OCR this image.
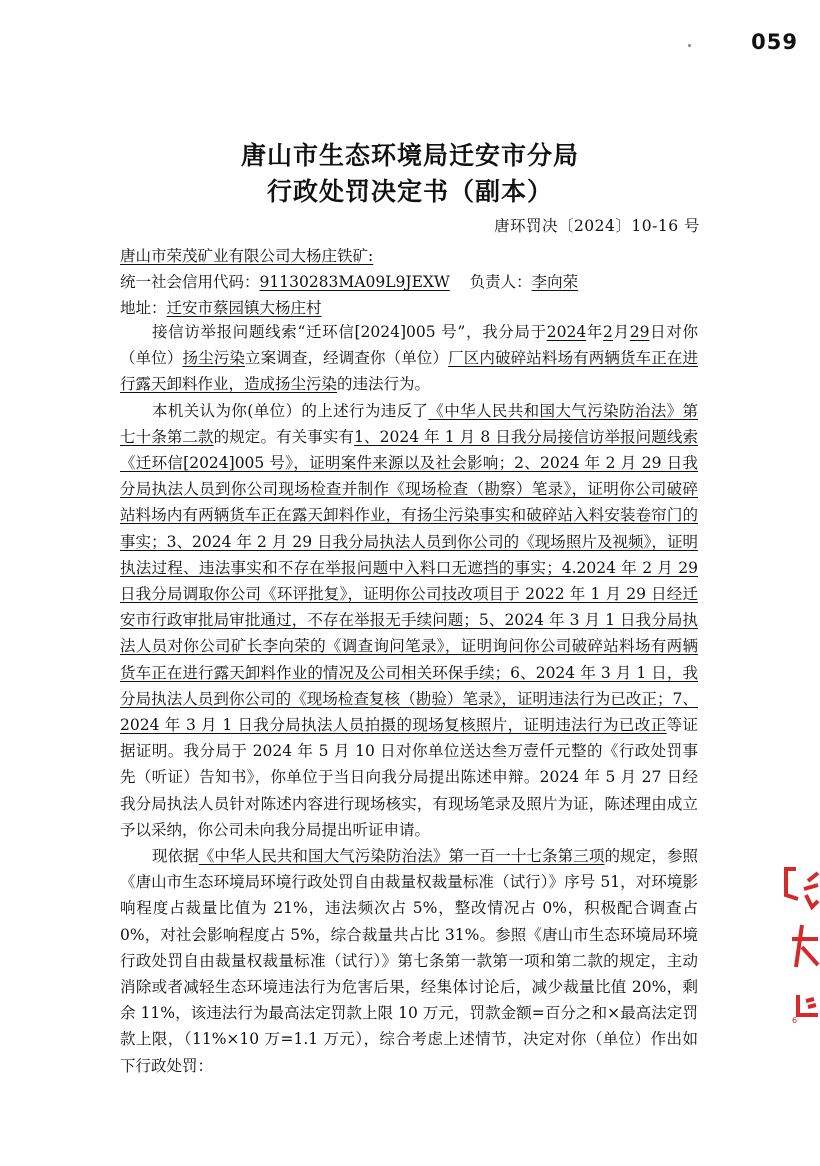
059
唐山市生态环境局迁安市分局
行政处罚决定书（副本）
唐环罚决〔2024〕10-16 号
唐山市荣茂矿业有限公司大杨庄铁矿:
统一社会信用代码：91130283MA09L9JEXW 负责人：李向荣
地址：迁安市蔡园镇大杨庄村

接信访举报问题线索“迁环信[2024]005 号”，我分局于2024年2月29日对你（单位）扬尘污染立案调查，经调查你（单位）厂区内破碎站料场有两辆货车正在进行露天卸料作业，造成扬尘污染的违法行为。

本机关认为你(单位）的上述行为违反了《中华人民共和国大气污染防治法》第七十条第二款的规定。有关事实有1、2024 年 1 月 8 日我分局接信访举报问题线索《迁环信[2024]005 号》，证明案件来源以及社会影响；2、2024 年 2 月 29 日我分局执法人员到你公司现场检查并制作《现场检查（勘察）笔录》，证明你公司破碎站料场内有两辆货车正在露天卸料作业，有扬尘污染事实和破碎站入料安装卷帘门的事实；3、2024 年 2 月 29 日我分局执法人员到你公司的《现场照片及视频》，证明执法过程、违法事实和不存在举报问题中入料口无遮挡的事实；4.2024 年 2 月 29 日我分局调取你公司《环评批复》，证明你公司技改项目于 2022 年 1 月 29 日经迁安市行政审批局审批通过，不存在举报无手续问题；5、2024 年 3 月 1 日我分局执法人员对你公司矿长李向荣的《调查询问笔录》，证明询问你公司破碎站料场有两辆货车正在进行露天卸料作业的情况及公司相关环保手续；6、2024 年 3 月 1 日，我分局执法人员到你公司的《现场检查复核（勘验）笔录》，证明违法行为已改正；7、2024 年 3 月 1 日我分局执法人员拍摄的现场复核照片，证明违法行为已改正等证据证明。我分局于 2024 年 5 月 10 日对你单位送达叁万壹仟元整的《行政处罚事先（听证）告知书》，你单位于当日向我分局提出陈述申辩。2024 年 5 月 27 日经我分局执法人员针对陈述内容进行现场核实，有现场笔录及照片为证，陈述理由成立予以采纳，你公司未向我分局提出听证申请。

现依据《中华人民共和国大气污染防治法》第一百一十七条第三项的规定，参照《唐山市生态环境局环境行政处罚自由裁量权裁量标准（试行）》序号 51，对环境影响程度占裁量比值为 21%，违法频次占 5%，整改情况占 0%，积极配合调查占 0%，对社会影响程度占 5%，综合裁量共占比 31%。参照《唐山市生态环境局环境行政处罚自由裁量权裁量标准（试行）》第七条第一款第一项和第二款的规定，主动消除或者减轻生态环境违法行为危害后果，经集体讨论后，减少裁量比值 20%，剩余 11%，该违法行为最高法定罚款上限 10 万元，罚款金额=百分之和×最高法定罚款上限，（11%×10 万=1.1 万元），综合考虑上述情节，决定对你（单位）作出如下行政处罚：

6
